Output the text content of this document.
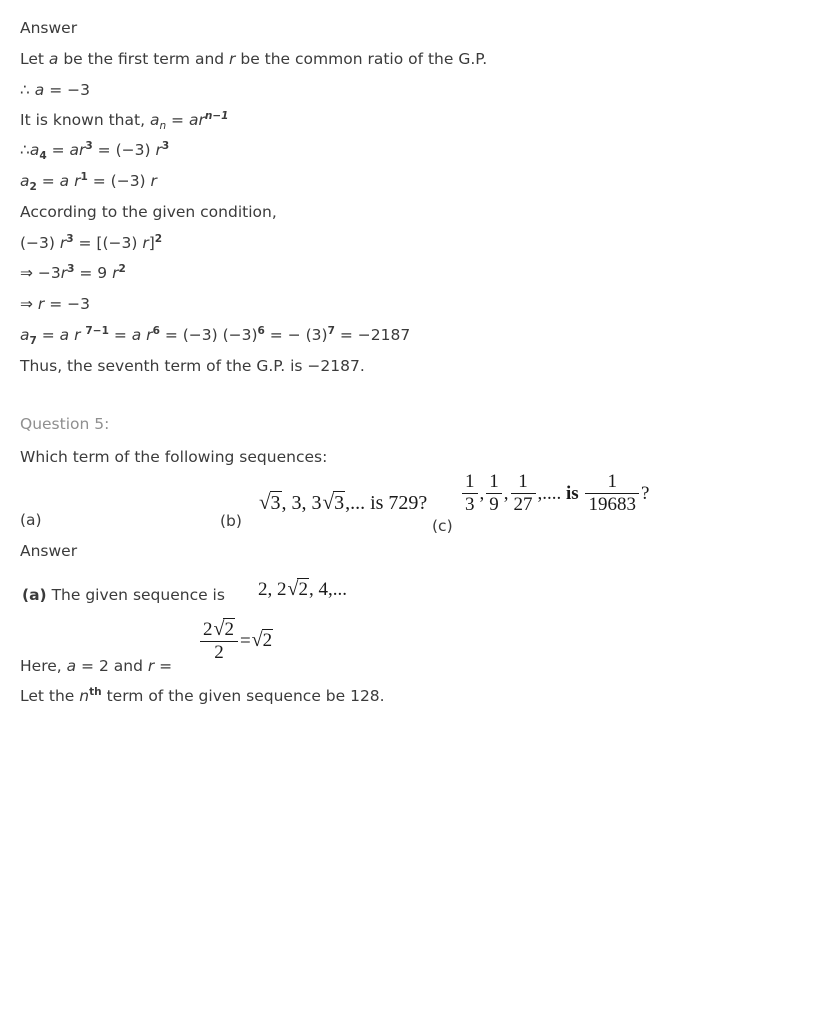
Answer
Let a be the first term and r be the common ratio of the G.P.
∴ a = −3
It is known that, $a_n = ar^{n-1}$
$\therefore a_4 = ar^3 = (-3)$ $r^3$
$a_2 = a$ $r^1 = (-3)$ r
According to the given condition,
(−3) $r^3 = [(-3)$ r]$^2$
⇒ $-3r^3 = 9$ $r^2$
⇒ r = −3
$a_7 = a$ r $^{7-1}$ = a $r^6 = (-3) (-3)^6$ = − $(3)^7 = -2187$
Thus, the seventh term of the G.P. is −2187.
Question 5:
Which term of the following sequences:
(a)	(b)
√3, 3, 3√3,... is 729?
(c)
$\frac{1}{3}$ , $\frac{1}{9}$ , $\frac{1}{27}$ ,.... is $\frac{1}{19683}$ ?
Answer
(a) The given sequence is 2, 2√2, 4,...
Here, a = 2 and r =
$\frac{2√2}{2} =√2$
Let the $n^{th}$ term of the given sequence be 128.
